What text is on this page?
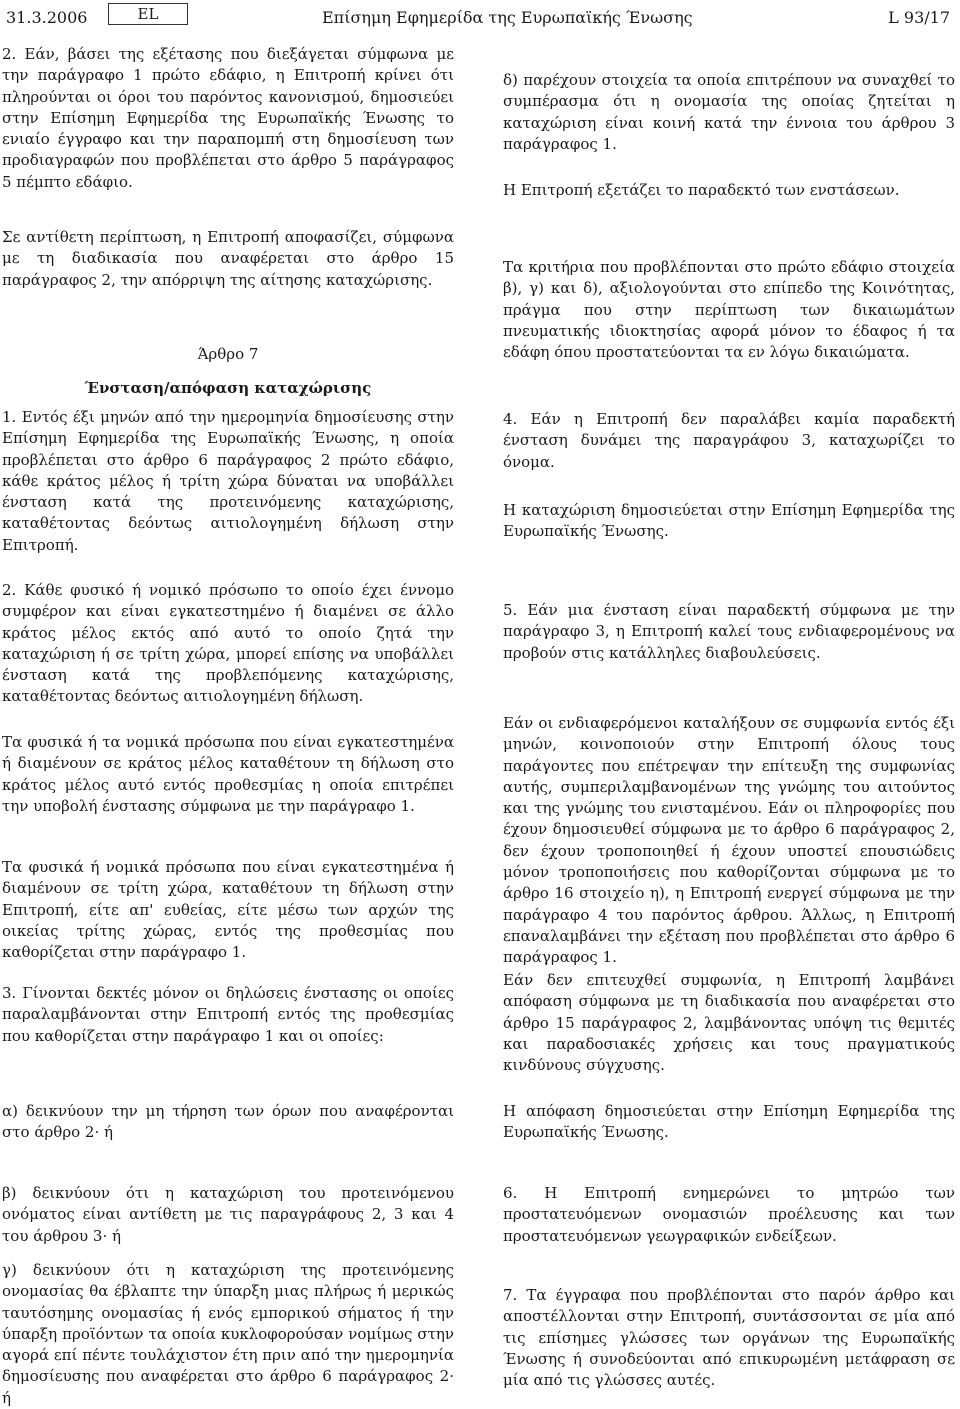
31.3.2006	EL	Επίσημη Εφημερίδα της Ευρωπαϊκής Ένωσης	L 93/17

2. Εάν, βάσει της εξέτασης που διεξάγεται σύμφωνα με την παράγραφο 1 πρώτο εδάφιο, η Επιτροπή κρίνει ότι πληρούνται οι όροι του παρόντος κανονισμού, δημοσιεύει στην Επίσημη Εφημερίδα της Ευρωπαϊκής Ένωσης το ενιαίο έγγραφο και την παραπομπή στη δημοσίευση των προδιαγραφών που προβλέπεται στο άρθρο 5 παράγραφος 5 πέμπτο εδάφιο.

Σε αντίθετη περίπτωση, η Επιτροπή αποφασίζει, σύμφωνα με τη διαδικασία που αναφέρεται στο άρθρο 15 παράγραφος 2, την απόρριψη της αίτησης καταχώρισης.

Άρθρο 7

Ένσταση/απόφαση καταχώρισης

1. Εντός έξι μηνών από την ημερομηνία δημοσίευσης στην Επίσημη Εφημερίδα της Ευρωπαϊκής Ένωσης, η οποία προβλέπεται στο άρθρο 6 παράγραφος 2 πρώτο εδάφιο, κάθε κράτος μέλος ή τρίτη χώρα δύναται να υποβάλλει ένσταση κατά της προτεινόμενης καταχώρισης, καταθέτοντας δεόντως αιτιολογημένη δήλωση στην Επιτροπή.

2. Κάθε φυσικό ή νομικό πρόσωπο το οποίο έχει έννομο συμφέρον και είναι εγκατεστημένο ή διαμένει σε άλλο κράτος μέλος εκτός από αυτό το οποίο ζητά την καταχώριση ή σε τρίτη χώρα, μπορεί επίσης να υποβάλλει ένσταση κατά της προβλεπόμενης καταχώρισης, καταθέτοντας δεόντως αιτιολογημένη δήλωση.

Τα φυσικά ή τα νομικά πρόσωπα που είναι εγκατεστημένα ή διαμένουν σε κράτος μέλος καταθέτουν τη δήλωση στο κράτος μέλος αυτό εντός προθεσμίας η οποία επιτρέπει την υποβολή ένστασης σύμφωνα με την παράγραφο 1.

Τα φυσικά ή νομικά πρόσωπα που είναι εγκατεστημένα ή διαμένουν σε τρίτη χώρα, καταθέτουν τη δήλωση στην Επιτροπή, είτε απ' ευθείας, είτε μέσω των αρχών της οικείας τρίτης χώρας, εντός της προθεσμίας που καθορίζεται στην παράγραφο 1.

3. Γίνονται δεκτές μόνον οι δηλώσεις ένστασης οι οποίες παραλαμβάνονται στην Επιτροπή εντός της προθεσμίας που καθορίζεται στην παράγραφο 1 και οι οποίες:

α) δεικνύουν την μη τήρηση των όρων που αναφέρονται στο άρθρο 2· ή

β) δεικνύουν ότι η καταχώριση του προτεινόμενου ονόματος είναι αντίθετη με τις παραγράφους 2, 3 και 4 του άρθρου 3· ή

γ) δεικνύουν ότι η καταχώριση της προτεινόμενης ονομασίας θα έβλαπτε την ύπαρξη μιας πλήρως ή μερικώς ταυτόσημης ονομασίας ή ενός εμπορικού σήματος ή την ύπαρξη προϊόντων τα οποία κυκλοφορούσαν νομίμως στην αγορά επί πέντε τουλάχιστον έτη πριν από την ημερομηνία δημοσίευσης που αναφέρεται στο άρθρο 6 παράγραφος 2· ή

δ) παρέχουν στοιχεία τα οποία επιτρέπουν να συναχθεί το συμπέρασμα ότι η ονομασία της οποίας ζητείται η καταχώριση είναι κοινή κατά την έννοια του άρθρου 3 παράγραφος 1.

Η Επιτροπή εξετάζει το παραδεκτό των ενστάσεων.

Τα κριτήρια που προβλέπονται στο πρώτο εδάφιο στοιχεία β), γ) και δ), αξιολογούνται στο επίπεδο της Κοινότητας, πράγμα που στην περίπτωση των δικαιωμάτων πνευματικής ιδιοκτησίας αφορά μόνον το έδαφος ή τα εδάφη όπου προστατεύονται τα εν λόγω δικαιώματα.

4. Εάν η Επιτροπή δεν παραλάβει καμία παραδεκτή ένσταση δυνάμει της παραγράφου 3, καταχωρίζει το όνομα.

Η καταχώριση δημοσιεύεται στην Επίσημη Εφημερίδα της Ευρωπαϊκής Ένωσης.

5. Εάν μια ένσταση είναι παραδεκτή σύμφωνα με την παράγραφο 3, η Επιτροπή καλεί τους ενδιαφερομένους να προβούν στις κατάλληλες διαβουλεύσεις.

Εάν οι ενδιαφερόμενοι καταλήξουν σε συμφωνία εντός έξι μηνών, κοινοποιούν στην Επιτροπή όλους τους παράγοντες που επέτρεψαν την επίτευξη της συμφωνίας αυτής, συμπεριλαμβανομένων της γνώμης του αιτούντος και της γνώμης του ενισταμένου. Εάν οι πληροφορίες που έχουν δημοσιευθεί σύμφωνα με το άρθρο 6 παράγραφος 2, δεν έχουν τροποποιηθεί ή έχουν υποστεί επουσιώδεις μόνον τροποποιήσεις που καθορίζονται σύμφωνα με το άρθρο 16 στοιχείο η), η Επιτροπή ενεργεί σύμφωνα με την παράγραφο 4 του παρόντος άρθρου. Άλλως, η Επιτροπή επαναλαμβάνει την εξέταση που προβλέπεται στο άρθρο 6 παράγραφος 1.

Εάν δεν επιτευχθεί συμφωνία, η Επιτροπή λαμβάνει απόφαση σύμφωνα με τη διαδικασία που αναφέρεται στο άρθρο 15 παράγραφος 2, λαμβάνοντας υπόψη τις θεμιτές και παραδοσιακές χρήσεις και τους πραγματικούς κινδύνους σύγχυσης.

Η απόφαση δημοσιεύεται στην Επίσημη Εφημερίδα της Ευρωπαϊκής Ένωσης.

6. Η Επιτροπή ενημερώνει το μητρώο των προστατευόμενων ονομασιών προέλευσης και των προστατευόμενων γεωγραφικών ενδείξεων.

7. Τα έγγραφα που προβλέπονται στο παρόν άρθρο και αποστέλλονται στην Επιτροπή, συντάσσονται σε μία από τις επίσημες γλώσσες των οργάνων της Ευρωπαϊκής Ένωσης ή συνοδεύονται από επικυρωμένη μετάφραση σε μία από τις γλώσσες αυτές.
